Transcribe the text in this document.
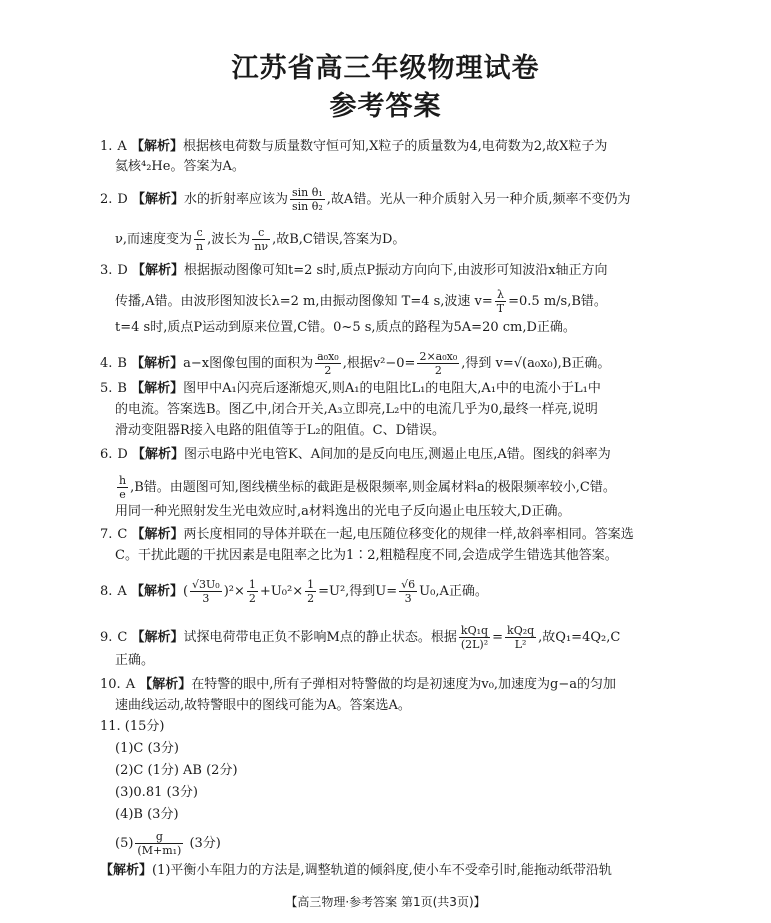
江苏省高三年级物理试卷
参考答案
1. A 【解析】根据核电荷数与质量数守恒可知,X粒子的质量数为4,电荷数为2,故X粒子为
氦核⁴₂He。答案为A。
2. D 【解析】水的折射率应该为 $\frac{\text{sin θ₁}}{\text{sin θ₂}}$ ,故A错。光从一种介质射入另一种介质,频率不变仍为
ν,而速度变为 $\frac{c}{n}$ ,波长为 $\frac{c}{n\nu}$ ,故B,C错误,答案为D。
3. D 【解析】根据振动图像可知t=2 s时,质点P振动方向向下,由波形可知波沿x轴正方向
传播,A错。由波形图知波长λ=2 m,由振动图像知 T=4 s,波速 $v= \frac{\lambda}{T} =0.5$ m/s,B错。
t=4 s时,质点P运动到原来位置,C错。0~5 s,质点的路程为5A=20 cm,D正确。
4. B 【解析】a−x图像包围的面积为 $\frac{\text{a₀x₀}}{2}$ ,根据$v^2-0= \frac{\text{2×a₀x₀}}{2}$ ,得到 v=√(a₀x₀),B正确。
5. B 【解析】图甲中A₁闪亮后逐渐熄灭,则A₁的电阻比L₁的电阻大,A₁中的电流小于L₁中
的电流。答案选B。图乙中,闭合开关,A₃立即亮,L₂中的电流几乎为0,最终一样亮,说明
滑动变阻器R接入电路的阻值等于L₂的阻值。C、D错误。
6. D 【解析】图示电路中光电管K、A间加的是反向电压,测遏止电压,A错。图线的斜率为
$\frac{h}{e} ,B$错。由题图可知,图线横坐标的截距是极限频率,则金属材料a的极限频率较小,C错。
用同一种光照射发生光电效应时,a材料逸出的光电子反向遏止电压较大,D正确。
7. C 【解析】两长度相同的导体并联在一起,电压随位移变化的规律一样,故斜率相同。答案选
C。干扰此题的干扰因素是电阻率之比为1∶2,粗糙程度不同,会造成学生错选其他答案。
8. A 【解析】( $\frac{\text{√3U₀}}{3} )^2\times \frac{1}{2} +U_0^2\times \frac{1}{2} =U^2$,得到$U= \frac{√6}{3} U_0,A$正确。
9. C 【解析】试探电荷带电正负不影响M点的静止状态。根据 $\frac{\text{kQ₁q}}{\text{(2L)²}} = \frac{\text{kQ₂q}}{\text{L²}}$ ,故Q₁=4Q₂,C
正确。
10. A 【解析】在特警的眼中,所有子弹相对特警做的均是初速度为v₀,加速度为g−a的匀加
速曲线运动,故特警眼中的图线可能为A。答案选A。
11. (15分)
(1)C (3分)
(2)C (1分) AB (2分)
(3)0.81 (3分)
(4)B (3分)
$(5) \frac{g}{\text{(M+m₁)}} (3$分)
【解析】(1)平衡小车阻力的方法是,调整轨道的倾斜度,使小车不受牵引时,能拖动纸带沿轨
【高三物理·参考答案 第1页(共3页)】
